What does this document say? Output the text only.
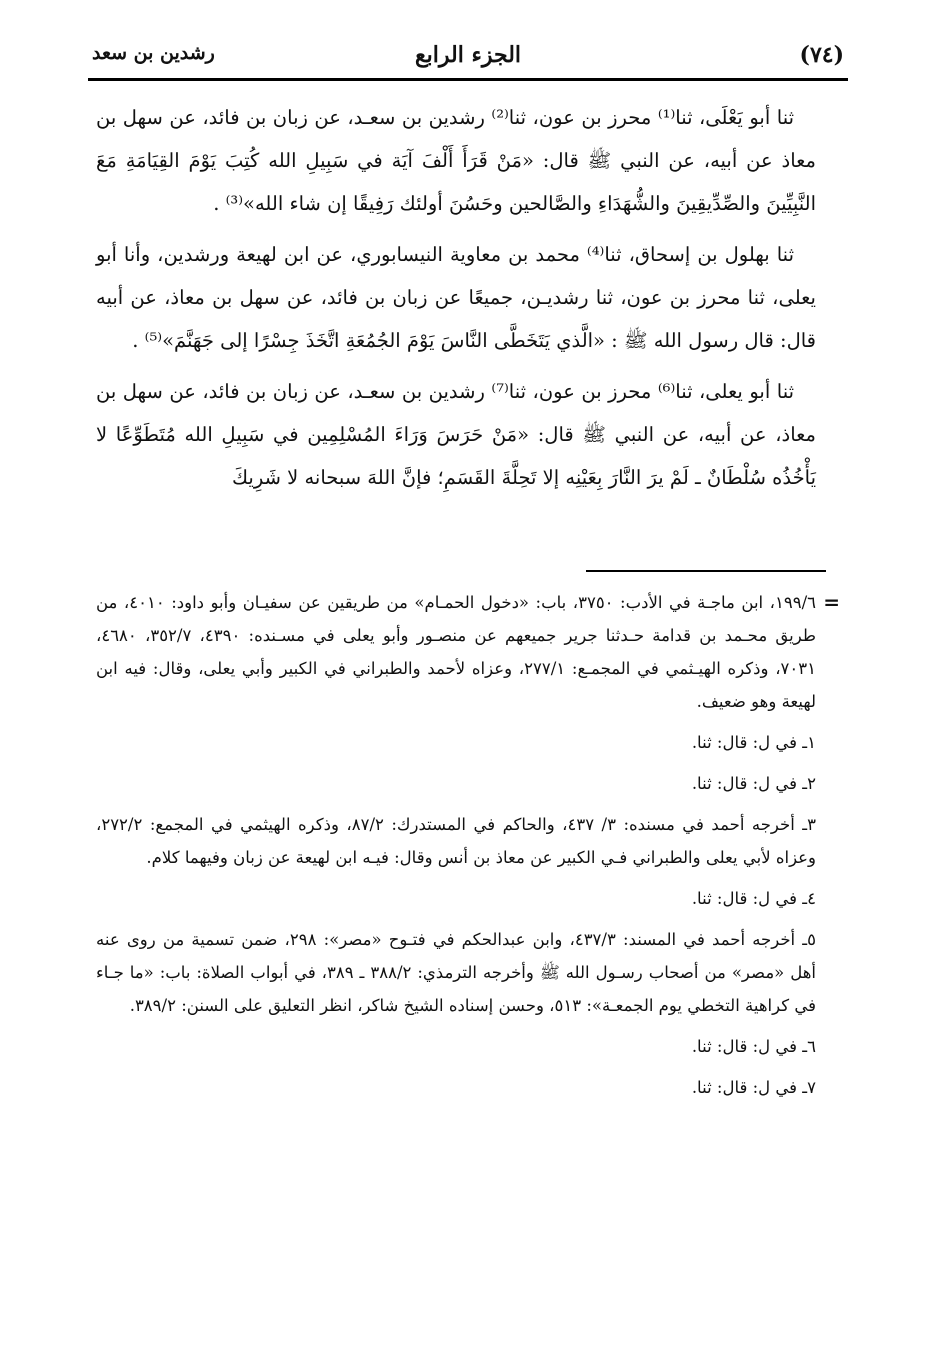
رشدين بن سعد	الجزء الرابع	(٧٤)

ثنا أبو يَعْلَى، ثنا⁽¹⁾ محرز بن عون، ثنا⁽²⁾ رشدين بن سعـد، عن زبان بن فائد، عن سهل بن معاذ عن أبيه، عن النبي ﷺ قال: «مَنْ قَرَأَ أَلْفَ آيَة في سَبِيلِ الله كُتِبَ يَوْمَ القِيَامَةِ مَعَ النَّبِيِّينَ والصِّدِّيقِينَ والشُّهَدَاءِ والصَّالحين وحَسُنَ أولئك رَفِيقًا إن شاء الله»⁽³⁾ .

ثنا بهلول بن إسحاق، ثنا⁽⁴⁾ محمد بن معاوية النيسابوري، عن ابن لهيعة ورشدين، وأنا أبو يعلى، ثنا محرز بن عون، ثنا رشديـن، جميعًا عن زبان بن فائد، عن سهل بن معاذ، عن أبيه قال: قال رسول الله ﷺ : «الَّذي يَتَخَطَّى النَّاسَ يَوْمَ الجُمُعَةِ اتَّخَذَ جِسْرًا إلى جَهَنَّمَ»⁽⁵⁾ .

ثنا أبو يعلى، ثنا⁽⁶⁾ محرز بن عون، ثنا⁽⁷⁾ رشدين بن سعـد، عن زبان بن فائد، عن سهل بن معاذ، عن أبيه، عن النبي ﷺ قال: «مَنْ حَرَسَ وَرَاءَ المُسْلِمِين في سَبِيلِ الله مُتَطَوِّعًا لا يَأْخُذُه سُلْطَانٌ ـ لَمْ يرَ النَّارَ بِعَيْنِه إلا تَحِلَّةَ القَسَمِ؛ فإنَّ اللهَ سبحانه لا شَرِيكَ

=

١٩٩/٦، ابن ماجـة في الأدب: ٣٧٥٠، باب: «دخول الحمـام» من طريقين عن سفيـان وأبو داود: ٤٠١٠، من طريق محـمد بن قدامة حـدثنا جرير جميعهم عن منصـور وأبو يعلى في مسـنده: ٤٣٩٠، ٣٥٢/٧، ٤٦٨٠، ٧٠٣١، وذكره الهيـثمي في المجمـع: ٢٧٧/١، وعزاه لأحمد والطبراني في الكبير وأبي يعلى، وقال: فيه ابن لهيعة وهو ضعيف.

١ـ في ل: قال: ثنا.

٢ـ في ل: قال: ثنا.

٣ـ أخرجه أحمد في مسنده: ٣/ ٤٣٧، والحاكم في المستدرك: ٨٧/٢، وذكره الهيثمي في المجمع: ٢٧٢/٢، وعزاه لأبي يعلى والطبراني فـي الكبير عن معاذ بن أنس وقال: فيـه ابن لهيعة عن زبان وفيهما كلام.

٤ـ في ل: قال: ثنا.

٥ـ أخرجه أحمد في المسند: ٤٣٧/٣، وابن عبدالحكم في فتـوح «مصر»: ٢٩٨، ضمن تسمية من روى عنه أهل «مصر» من أصحاب رسـول الله ﷺ وأخرجه الترمذي: ٣٨٨/٢ ـ ٣٨٩، في أبواب الصلاة: باب: «ما جـاء في كراهية التخطي يوم الجمعـة»: ٥١٣، وحسن إسناده الشيخ شاكر، انظر التعليق على السنن: ٣٨٩/٢.

٦ـ في ل: قال: ثنا.

٧ـ في ل: قال: ثنا.
